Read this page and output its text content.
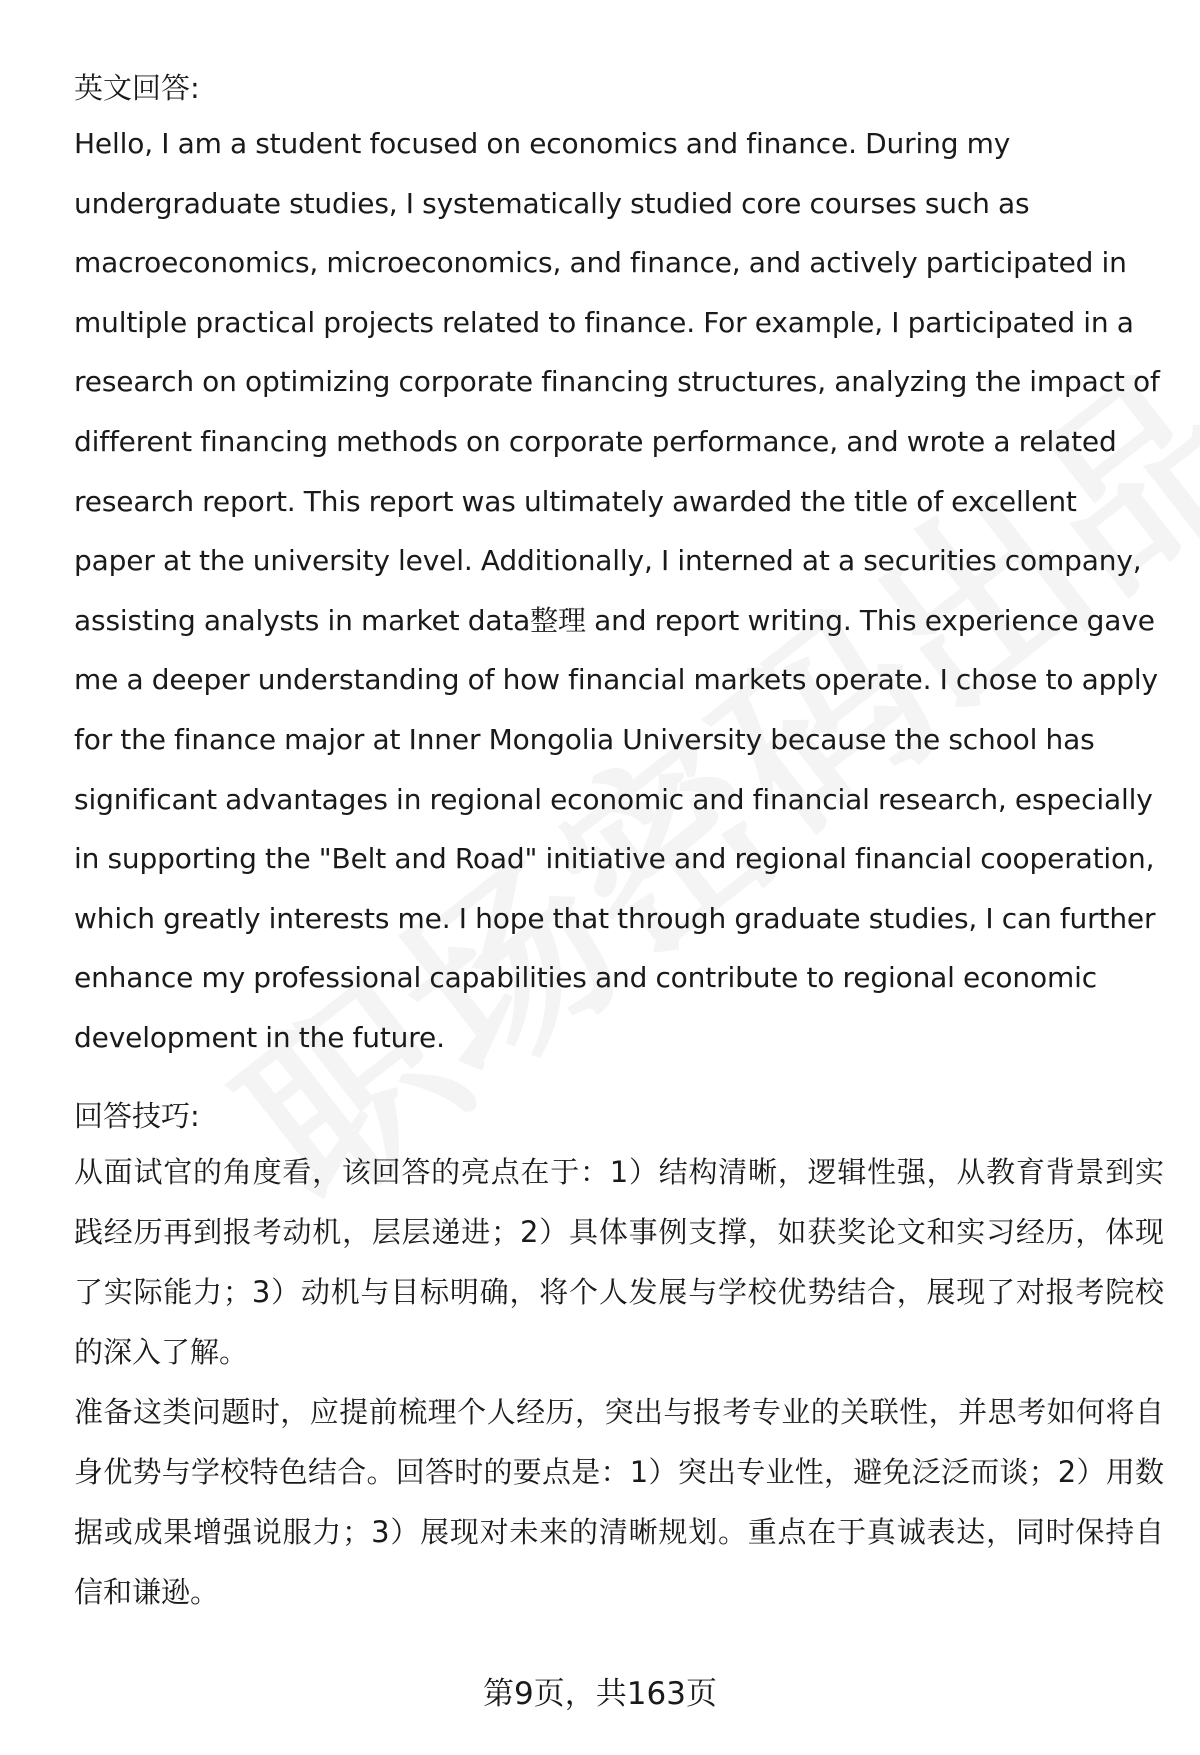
英文回答:

Hello, I am a student focused on economics and finance. During my undergraduate studies, I systematically studied core courses such as macroeconomics, microeconomics, and finance, and actively participated in multiple practical projects related to finance. For example, I participated in a research on optimizing corporate financing structures, analyzing the impact of different financing methods on corporate performance, and wrote a related research report. This report was ultimately awarded the title of excellent paper at the university level. Additionally, I interned at a securities company, assisting analysts in market data整理 and report writing. This experience gave me a deeper understanding of how financial markets operate. I chose to apply for the finance major at Inner Mongolia University because the school has significant advantages in regional economic and financial research, especially in supporting the "Belt and Road" initiative and regional financial cooperation, which greatly interests me. I hope that through graduate studies, I can further enhance my professional capabilities and contribute to regional economic development in the future.

回答技巧:

从面试官的角度看，该回答的亮点在于：1）结构清晰，逻辑性强，从教育背景到实践经历再到报考动机，层层递进；2）具体事例支撑，如获奖论文和实习经历，体现了实际能力；3）动机与目标明确，将个人发展与学校优势结合，展现了对报考院校的深入了解。

准备这类问题时，应提前梳理个人经历，突出与报考专业的关联性，并思考如何将自身优势与学校特色结合。回答时的要点是：1）突出专业性，避免泛泛而谈；2）用数据或成果增强说服力；3）展现对未来的清晰规划。重点在于真诚表达，同时保持自信和谦逊。

第9页，共163页
